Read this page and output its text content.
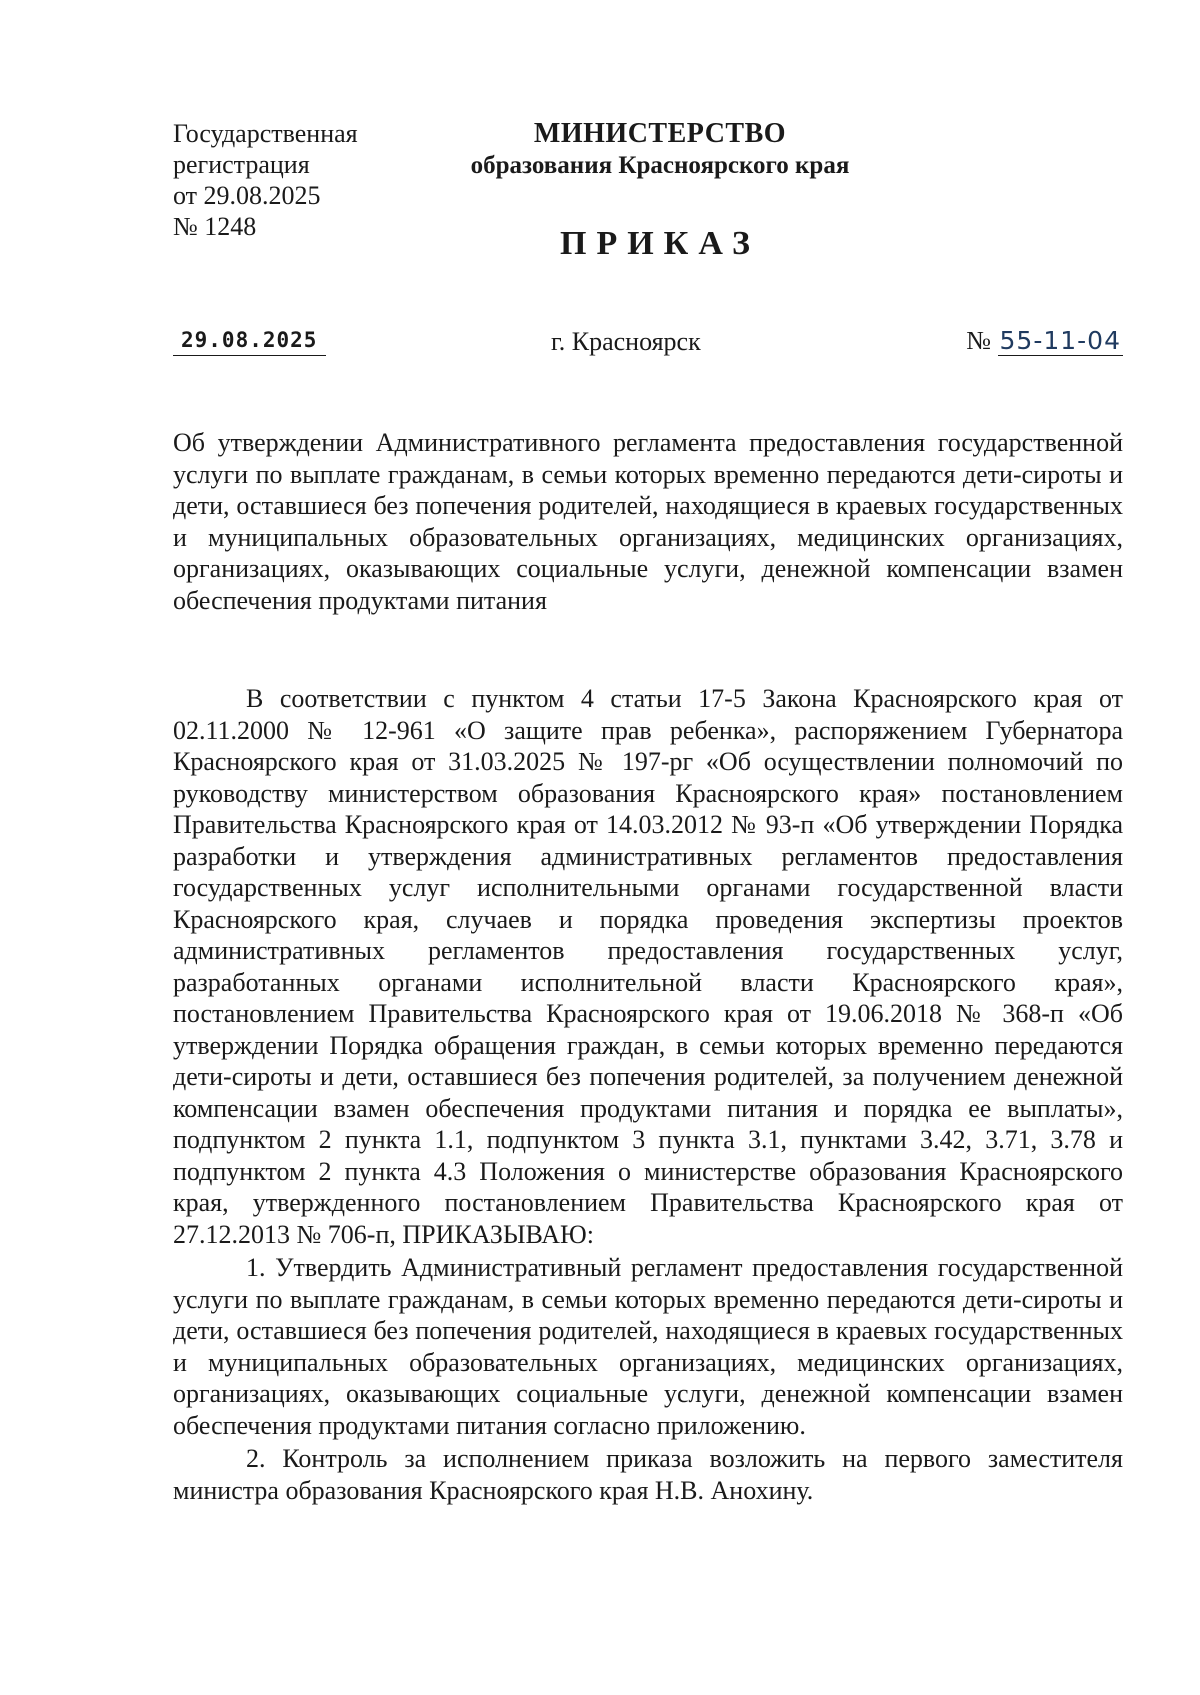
Государственная
регистрация
от 29.08.2025
№ 1248
МИНИСТЕРСТВО
образования Красноярского края
ПРИКАЗ
29.08.2025	г. Красноярск	№ 55-11-04
Об утверждении Административного регламента предоставления государственной услуги по выплате гражданам, в семьи которых временно передаются дети-сироты и дети, оставшиеся без попечения родителей, находящиеся в краевых государственных и муниципальных образовательных организациях, медицинских организациях, организациях, оказывающих социальные услуги, денежной компенсации взамен обеспечения продуктами питания

В соответствии с пунктом 4 статьи 17-5 Закона Красноярского края от 02.11.2000 № 12-961 «О защите прав ребенка», распоряжением Губернатора Красноярского края от 31.03.2025 № 197-рг «Об осуществлении полномочий по руководству министерством образования Красноярского края» постановлением Правительства Красноярского края от 14.03.2012 № 93-п «Об утверждении Порядка разработки и утверждения административных регламентов предоставления государственных услуг исполнительными органами государственной власти Красноярского края, случаев и порядка проведения экспертизы проектов административных регламентов предоставления государственных услуг, разработанных органами исполнительной власти Красноярского края», постановлением Правительства Красноярского края от 19.06.2018 № 368-п «Об утверждении Порядка обращения граждан, в семьи которых временно передаются дети-сироты и дети, оставшиеся без попечения родителей, за получением денежной компенсации взамен обеспечения продуктами питания и порядка ее выплаты», подпунктом 2 пункта 1.1, подпунктом 3 пункта 3.1, пунктами 3.42, 3.71, 3.78 и подпунктом 2 пункта 4.3 Положения о министерстве образования Красноярского края, утвержденного постановлением Правительства Красноярского края от 27.12.2013 № 706-п, ПРИКАЗЫВАЮ:

1. Утвердить Административный регламент предоставления государственной услуги по выплате гражданам, в семьи которых временно передаются дети-сироты и дети, оставшиеся без попечения родителей, находящиеся в краевых государственных и муниципальных образовательных организациях, медицинских организациях, организациях, оказывающих социальные услуги, денежной компенсации взамен обеспечения продуктами питания согласно приложению.

2. Контроль за исполнением приказа возложить на первого заместителя министра образования Красноярского края Н.В. Анохину.
